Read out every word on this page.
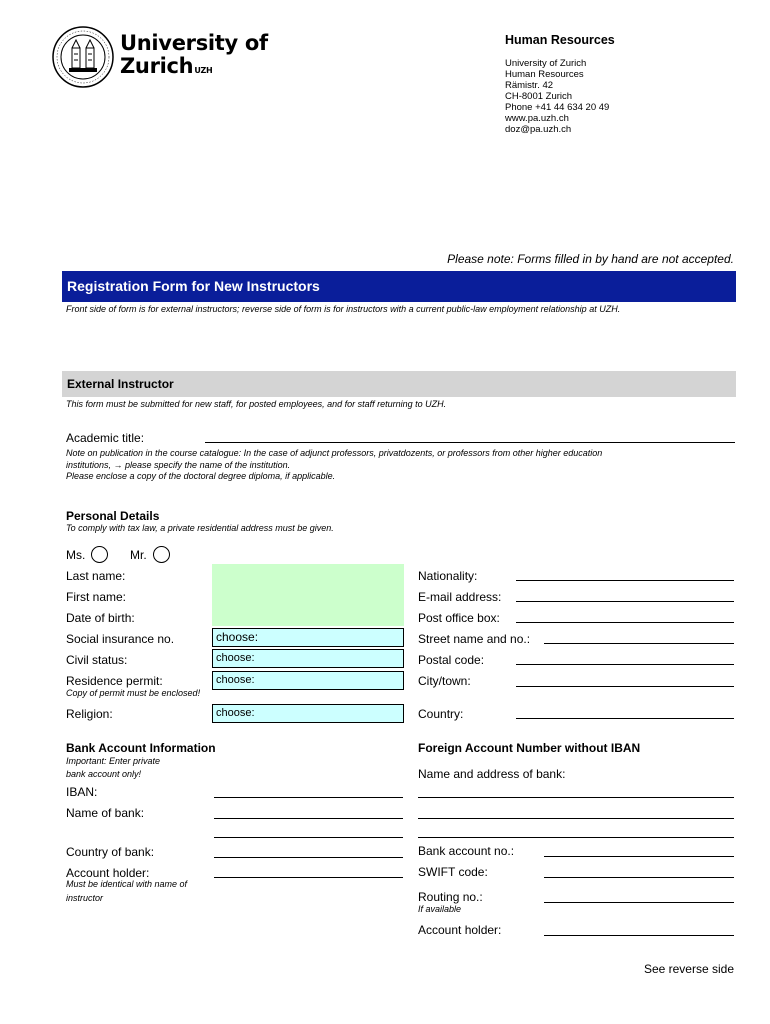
University of
Zurich$^{UZH}$
Human Resources
University of Zurich
Human Resources
Rämistr. 42
CH-8001 Zurich
Phone +41 44 634 20 49
www.pa.uzh.ch
doz@pa.uzh.ch
Please note: Forms filled in by hand are not accepted.
Registration Form for New Instructors
Front side of form is for external instructors; reverse side of form is for instructors with a current public-law employment relationship at UZH.
External Instructor
This form must be submitted for new staff, for posted employees, and for staff returning to UZH.
Academic title:
Note on publication in the course catalogue: In the case of adjunct professors, privatdozents, or professors from other higher education
institutions, → please specify the name of the institution.
Please enclose a copy of the doctoral degree diploma, if applicable.
Personal Details
To comply with tax law, a private residential address must be given.
Ms.	Mr.
Last name:
First name:
Date of birth:
Social insurance no.	choose:
Civil status:	choose:
Residence permit:	choose:
Copy of permit must be enclosed!
Religion:	choose:
Nationality:
E-mail address:
Post office box:
Street name and no.:
Postal code:
City/town:
Country:
Bank Account Information
Important: Enter private
bank account only!
IBAN:
Name of bank:
Country of bank:
Account holder:
Must be identical with name of
instructor
Foreign Account Number without IBAN
Name and address of bank:
Bank account no.:
SWIFT code:
Routing no.:
If available
Account holder:
See reverse side
